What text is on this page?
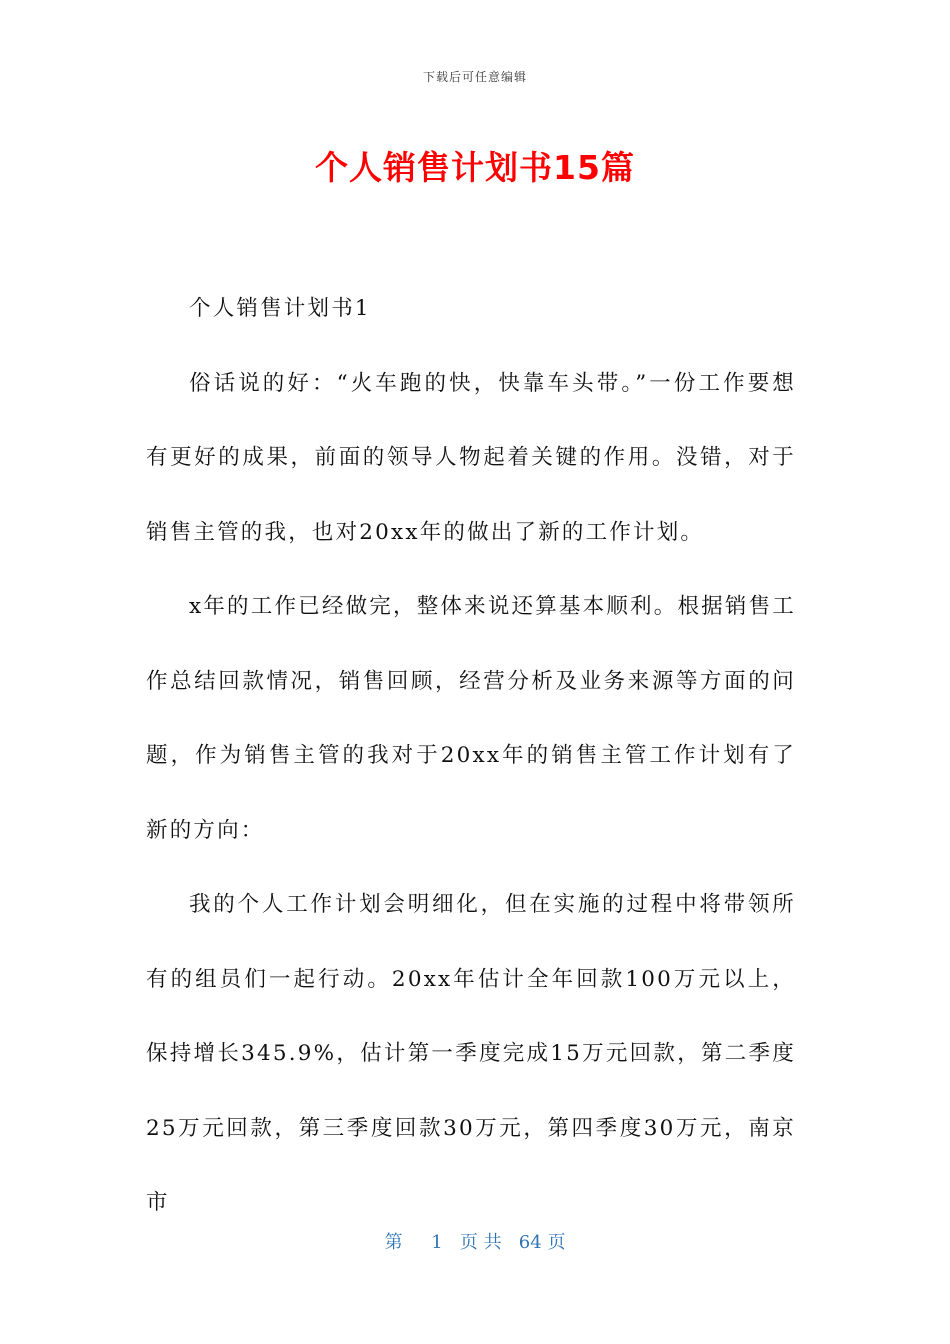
下载后可任意编辑
个人销售计划书15篇

个人销售计划书1

俗话说的好：“火车跑的快，快靠车头带。”一份工作要想有更好的成果，前面的领导人物起着关键的作用。没错，对于销售主管的我，也对20xx年的做出了新的工作计划。

x年的工作已经做完，整体来说还算基本顺利。根据销售工作总结回款情况，销售回顾，经营分析及业务来源等方面的问题，作为销售主管的我对于20xx年的销售主管工作计划有了新的方向：

我的个人工作计划会明细化，但在实施的过程中将带领所有的组员们一起行动。20xx年估计全年回款100万元以上，保持增长345.9%，估计第一季度完成15万元回款，第二季度25万元回款，第三季度回款30万元，第四季度30万元，南京市

第 1 页 共 64 页
